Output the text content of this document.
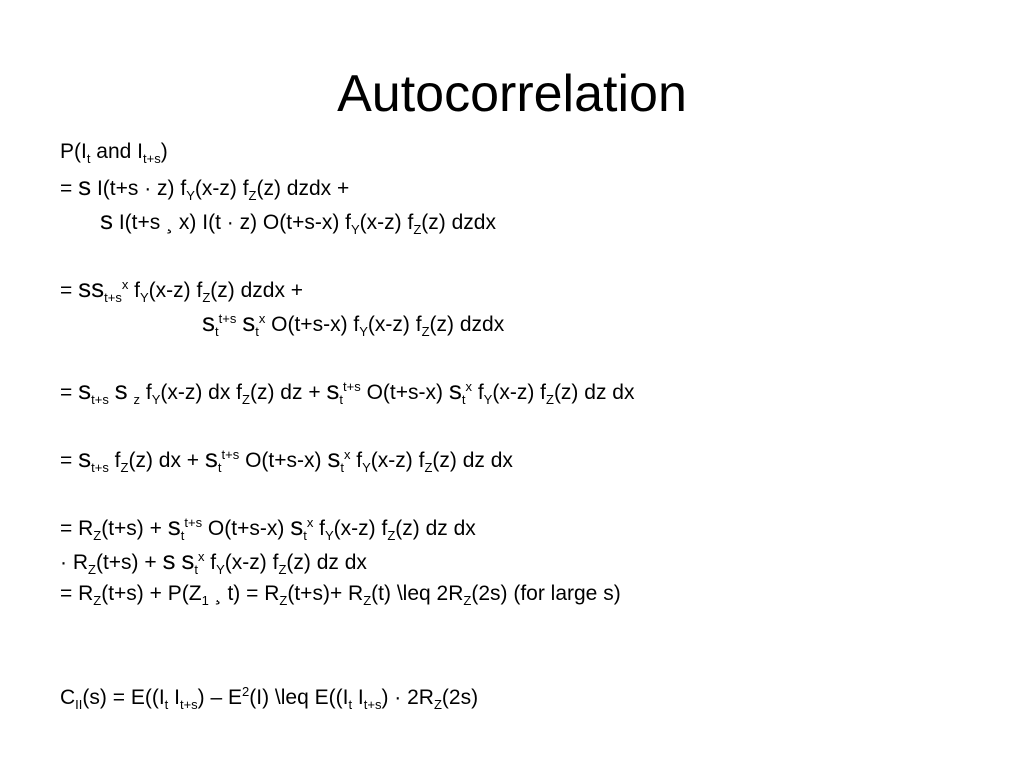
Autocorrelation
$P(I_t$ and $I_{t+s}$)
= s I(t+s · z) $f_Y(x-z)$ $f_Z(z)$ dzdx +
s I(t+s ¸ x) I(t · z) O(t+s-x) $f_Y(x-z)$ $f_Z(z)$ dzdx
= $ss_{t+s}^x$ $f_Y(x-z)$ $f_Z(z)$ dzdx +
$s_t^{t+s}$ $s_t^x$ O(t+s-x) $f_Y(x-z)$ $f_Z(z)$ dzdx
= $s_{t+s}$ s $_z$ $f_Y(x-z)$ dx $f_Z(z)$ dz + $s_t^{t+s}$ O(t+s-x) $s_t^x$ $f_Y(x-z)$ $f_Z(z)$ dz dx
= $s_{t+s}$ $f_Z(z)$ dx + $s_t^{t+s}$ O(t+s-x) $s_t^x$ $f_Y(x-z)$ $f_Z(z)$ dz dx
= $R_Z(t+s) + s_t^{t+s}$ O(t+s-x) $s_t^x$ $f_Y(x-z)$ $f_Z(z)$ dz dx
· $R_Z(t+s) + s$ $s_t^x$ $f_Y(x-z)$ $f_Z(z)$ dz dx
= $R_Z(t+s) + P(Z_1$ ¸ $t) = R_Z(t+s)+ R_Z(t)$ \leq $2R_Z(2s)$ (for large s)
$C_{II}(s) = E((I_t$ $I_{t+s}) - E^2(I)$ \leq $E((I_t$ $I_{t+s}) \cdot 2R_Z(2s)$
